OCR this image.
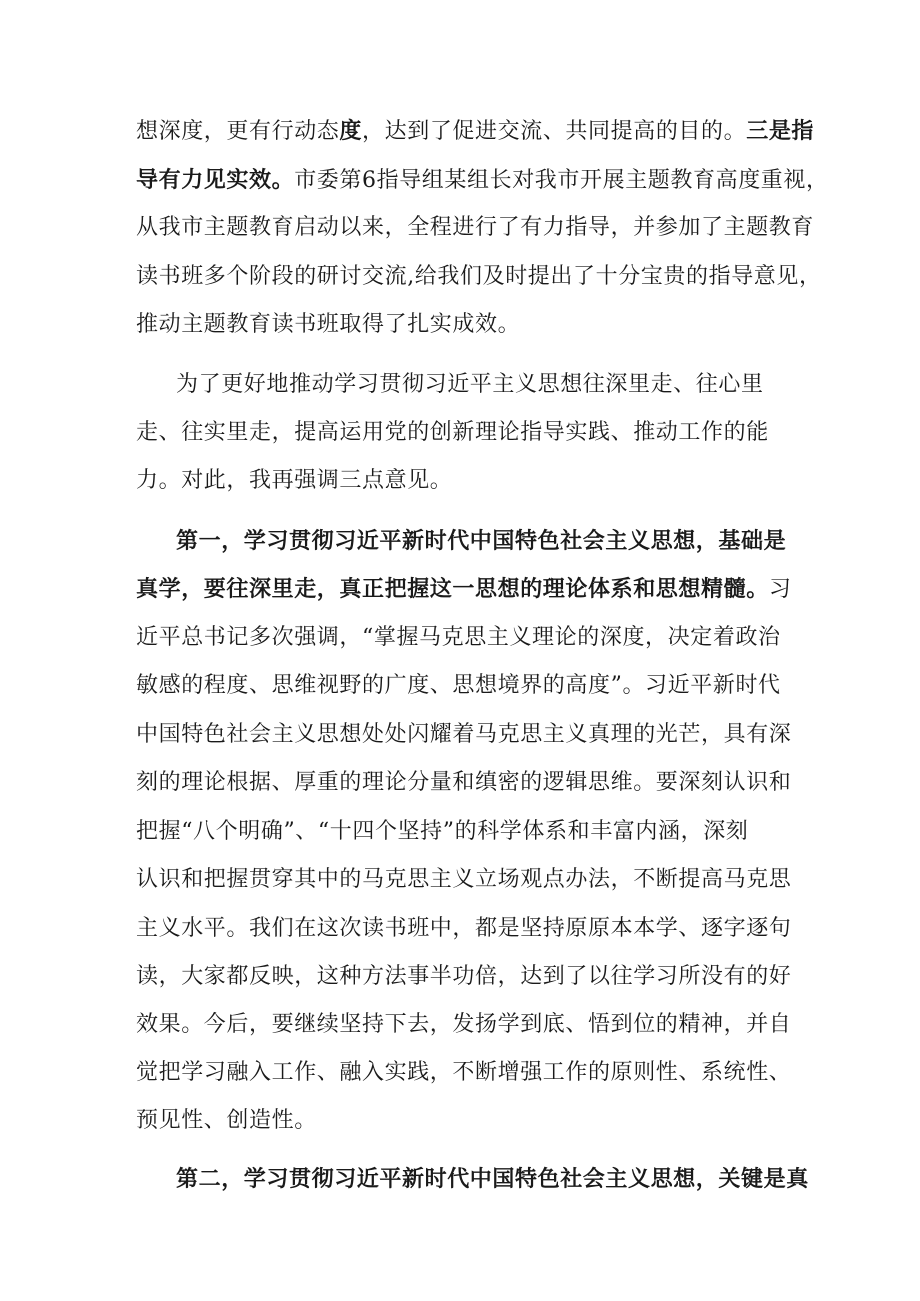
想深度，更有行动态度，达到了促进交流、共同提高的目的。三是指
导有力见实效。市委第6指导组某组长对我市开展主题教育高度重视，
从我市主题教育启动以来，全程进行了有力指导，并参加了主题教育
读书班多个阶段的研讨交流,给我们及时提出了十分宝贵的指导意见，
推动主题教育读书班取得了扎实成效。
为了更好地推动学习贯彻习近平主义思想往深里走、往心里
走、往实里走，提高运用党的创新理论指导实践、推动工作的能
力。对此，我再强调三点意见。
第一，学习贯彻习近平新时代中国特色社会主义思想，基础是
真学，要往深里走，真正把握这一思想的理论体系和思想精髓。习
近平总书记多次强调，“掌握马克思主义理论的深度，决定着政治
敏感的程度、思维视野的广度、思想境界的高度”。习近平新时代
中国特色社会主义思想处处闪耀着马克思主义真理的光芒，具有深
刻的理论根据、厚重的理论分量和缜密的逻辑思维。要深刻认识和
把握“八个明确”、“十四个坚持”的科学体系和丰富内涵，深刻
认识和把握贯穿其中的马克思主义立场观点办法，不断提高马克思
主义水平。我们在这次读书班中，都是坚持原原本本学、逐字逐句
读，大家都反映，这种方法事半功倍，达到了以往学习所没有的好
效果。今后，要继续坚持下去，发扬学到底、悟到位的精神，并自
觉把学习融入工作、融入实践，不断增强工作的原则性、系统性、
预见性、创造性。
第二，学习贯彻习近平新时代中国特色社会主义思想，关键是真
